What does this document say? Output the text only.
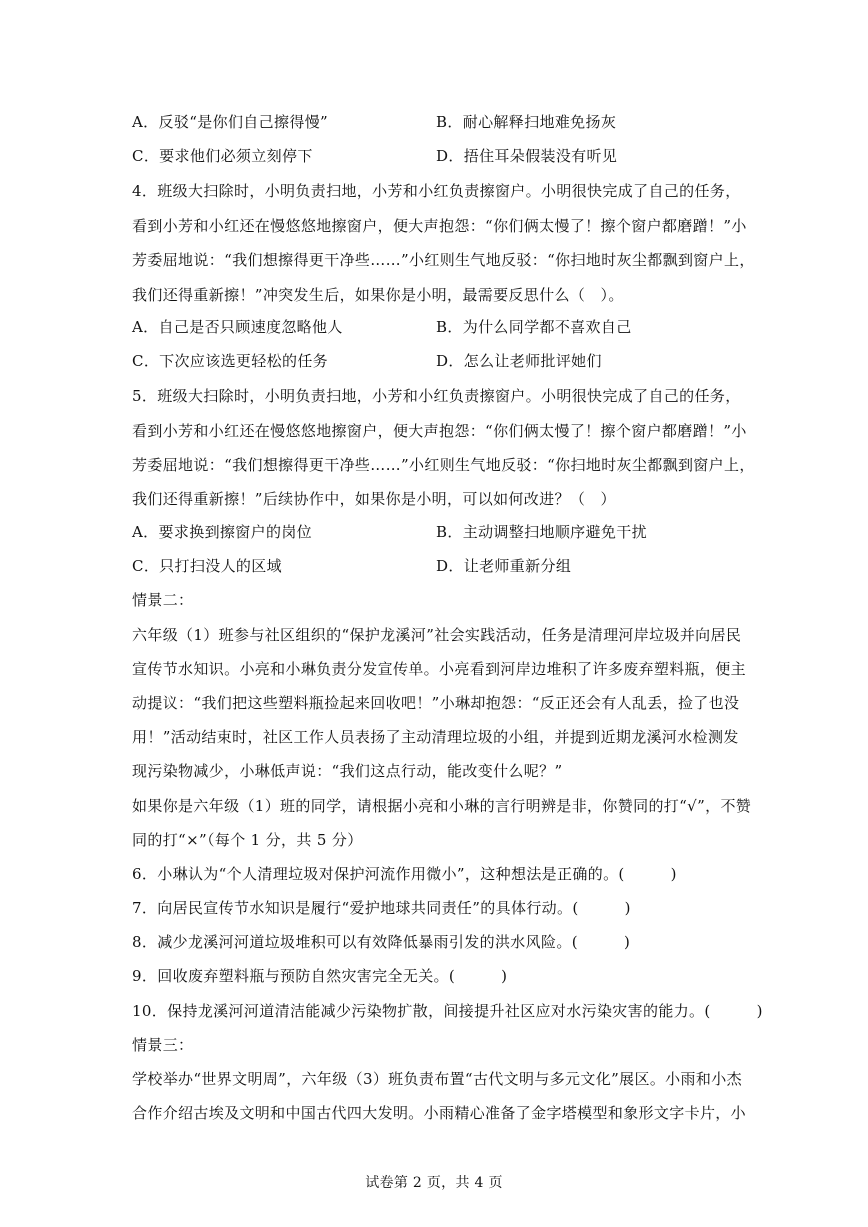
A．反驳“是你们自己擦得慢”	B．耐心解释扫地难免扬灰
C．要求他们必须立刻停下	D．捂住耳朵假装没有听见
4．班级大扫除时，小明负责扫地，小芳和小红负责擦窗户。小明很快完成了自己的任务，
看到小芳和小红还在慢悠悠地擦窗户，便大声抱怨：“你们俩太慢了！擦个窗户都磨蹭！”小
芳委屈地说：“我们想擦得更干净些……”小红则生气地反驳：“你扫地时灰尘都飘到窗户上，
我们还得重新擦！”冲突发生后，如果你是小明，最需要反思什么（　）。
A．自己是否只顾速度忽略他人	B．为什么同学都不喜欢自己
C．下次应该选更轻松的任务	D．怎么让老师批评她们
5．班级大扫除时，小明负责扫地，小芳和小红负责擦窗户。小明很快完成了自己的任务，
看到小芳和小红还在慢悠悠地擦窗户，便大声抱怨：“你们俩太慢了！擦个窗户都磨蹭！”小
芳委屈地说：“我们想擦得更干净些……”小红则生气地反驳：“你扫地时灰尘都飘到窗户上，
我们还得重新擦！”后续协作中，如果你是小明，可以如何改进？（　）
A．要求换到擦窗户的岗位	B．主动调整扫地顺序避免干扰
C．只打扫没人的区域	D．让老师重新分组
情景二：
六年级（1）班参与社区组织的“保护龙溪河”社会实践活动，任务是清理河岸垃圾并向居民
宣传节水知识。小亮和小琳负责分发宣传单。小亮看到河岸边堆积了许多废弃塑料瓶，便主
动提议：“我们把这些塑料瓶捡起来回收吧！”小琳却抱怨：“反正还会有人乱丢，捡了也没
用！”活动结束时，社区工作人员表扬了主动清理垃圾的小组，并提到近期龙溪河水检测发
现污染物减少，小琳低声说：“我们这点行动，能改变什么呢？”
如果你是六年级（1）班的同学，请根据小亮和小琳的言行明辨是非，你赞同的打“√”，不赞
同的打“×”（每个 1 分，共 5 分）
6．小琳认为“个人清理垃圾对保护河流作用微小”，这种想法是正确的。(　　　)
7．向居民宣传节水知识是履行“爱护地球共同责任”的具体行动。(　　　)
8．减少龙溪河河道垃圾堆积可以有效降低暴雨引发的洪水风险。(　　　)
9．回收废弃塑料瓶与预防自然灾害完全无关。(　　　)
10．保持龙溪河河道清洁能减少污染物扩散，间接提升社区应对水污染灾害的能力。(　　　)
情景三：
学校举办“世界文明周”，六年级（3）班负责布置“古代文明与多元文化”展区。小雨和小杰
合作介绍古埃及文明和中国古代四大发明。小雨精心准备了金字塔模型和象形文字卡片，小
试卷第 2 页，共 4 页
